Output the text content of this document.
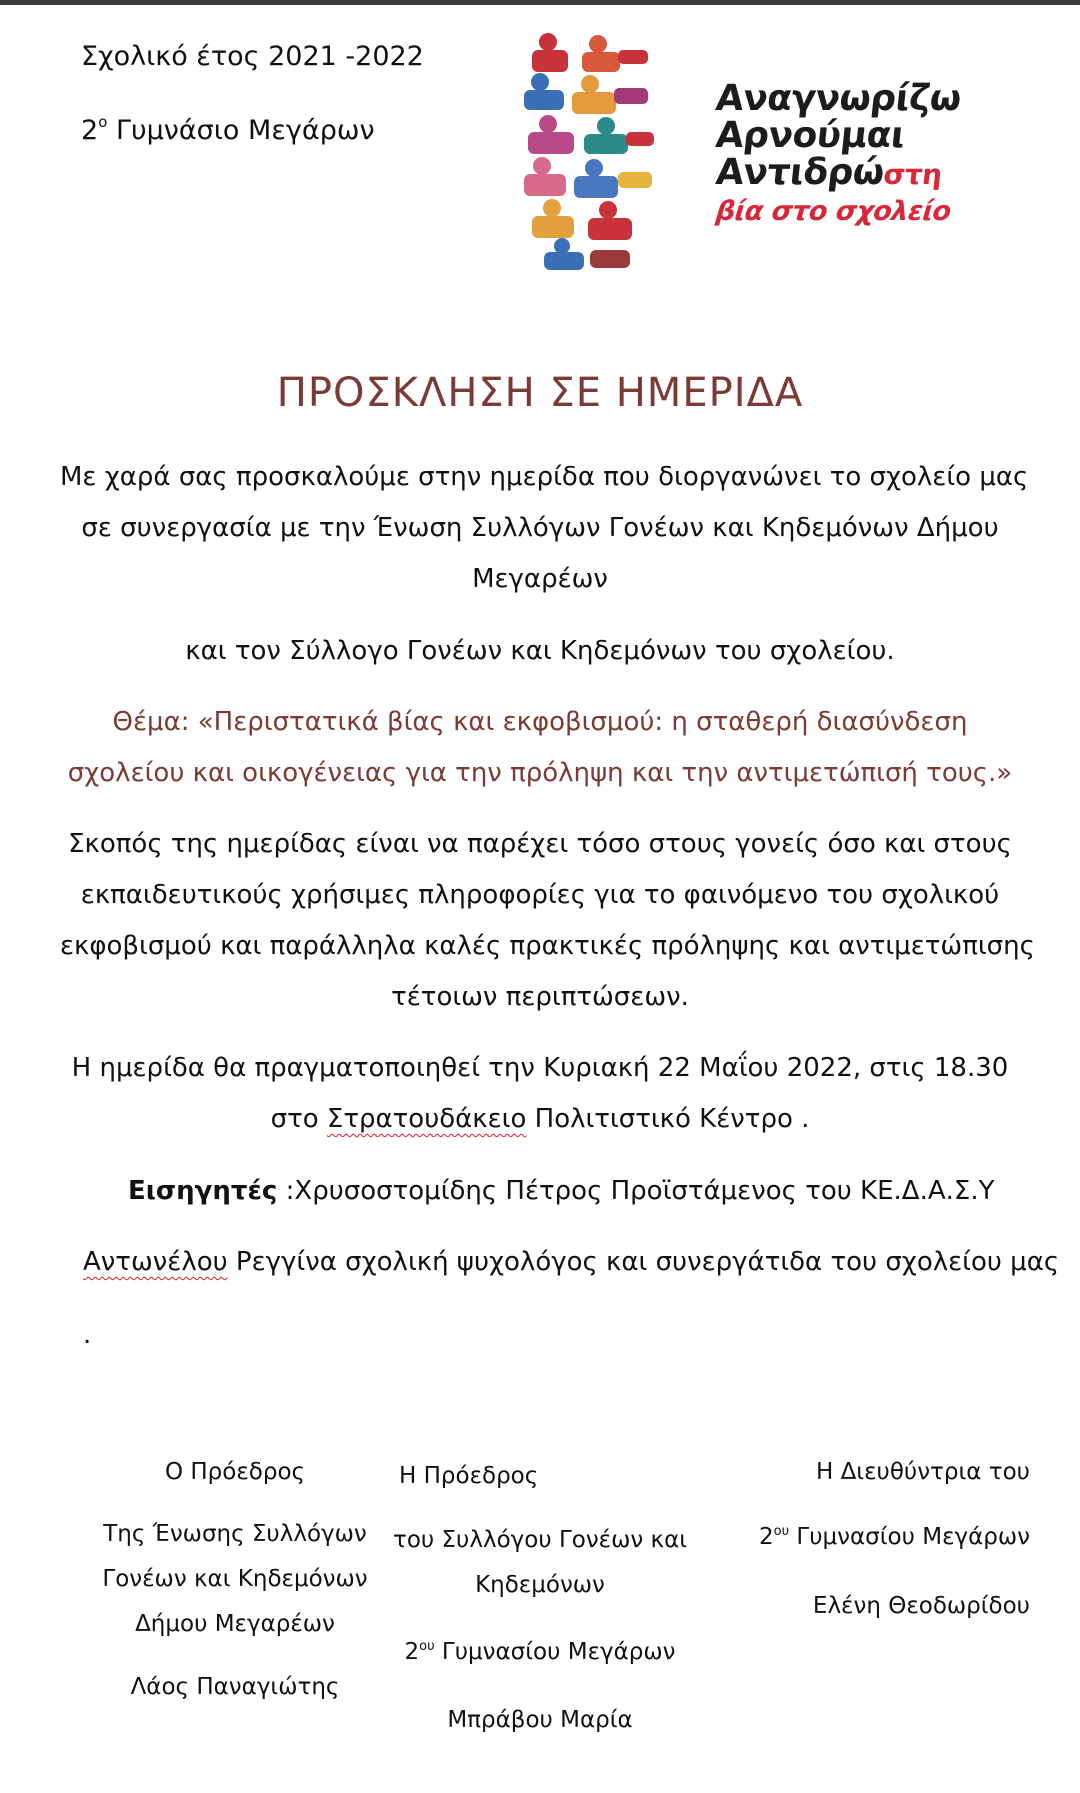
Σχολικό έτος 2021 -2022
$2^o$ Γυμνάσιο Μεγάρων
Αναγνωρίζω
Αρνούμαι
Αντιδρώστη
βία στο σχολείο
ΠΡΟΣΚΛΗΣΗ ΣΕ ΗΜΕΡΙΔΑ
Με χαρά σας προσκαλούμε στην ημερίδα που διοργανώνει το σχολείο μας
σε συνεργασία με την Ένωση Συλλόγων Γονέων και Κηδεμόνων Δήμου
Μεγαρέων
και τον Σύλλογο Γονέων και Κηδεμόνων του σχολείου.
Θέμα: «Περιστατικά βίας και εκφοβισμού: η σταθερή διασύνδεση
σχολείου και οικογένειας για την πρόληψη και την αντιμετώπισή τους.»
Σκοπός της ημερίδας είναι να παρέχει τόσο στους γονείς όσο και στους
εκπαιδευτικούς χρήσιμες πληροφορίες για το φαινόμενο του σχολικού
εκφοβισμού και παράλληλα καλές πρακτικές πρόληψης και αντιμετώπισης
τέτοιων περιπτώσεων.
Η ημερίδα θα πραγματοποιηθεί την Κυριακή 22 Μαΐου 2022, στις 18.30
στο Στρατουδάκειο Πολιτιστικό Κέντρο .
Εισηγητές :Χρυσοστομίδης Πέτρος Προϊστάμενος του ΚΕ.Δ.Α.Σ.Υ
Αντωνέλου Ρεγγίνα σχολική ψυχολόγος και συνεργάτιδα του σχολείου μας
.
Ο Πρόεδρος

Της Ένωσης Συλλόγων
Γονέων και Κηδεμόνων
Δήμου Μεγαρέων

Λάος Παναγιώτης
Η Πρόεδρος

του Συλλόγου Γονέων και
Κηδεμόνων

$2^{o\upsilon}$ Γυμνασίου Μεγάρων

Μπράβου Μαρία
Η Διευθύντρια του

$2^{o\upsilon}$ Γυμνασίου Μεγάρων

Ελένη Θεοδωρίδου
